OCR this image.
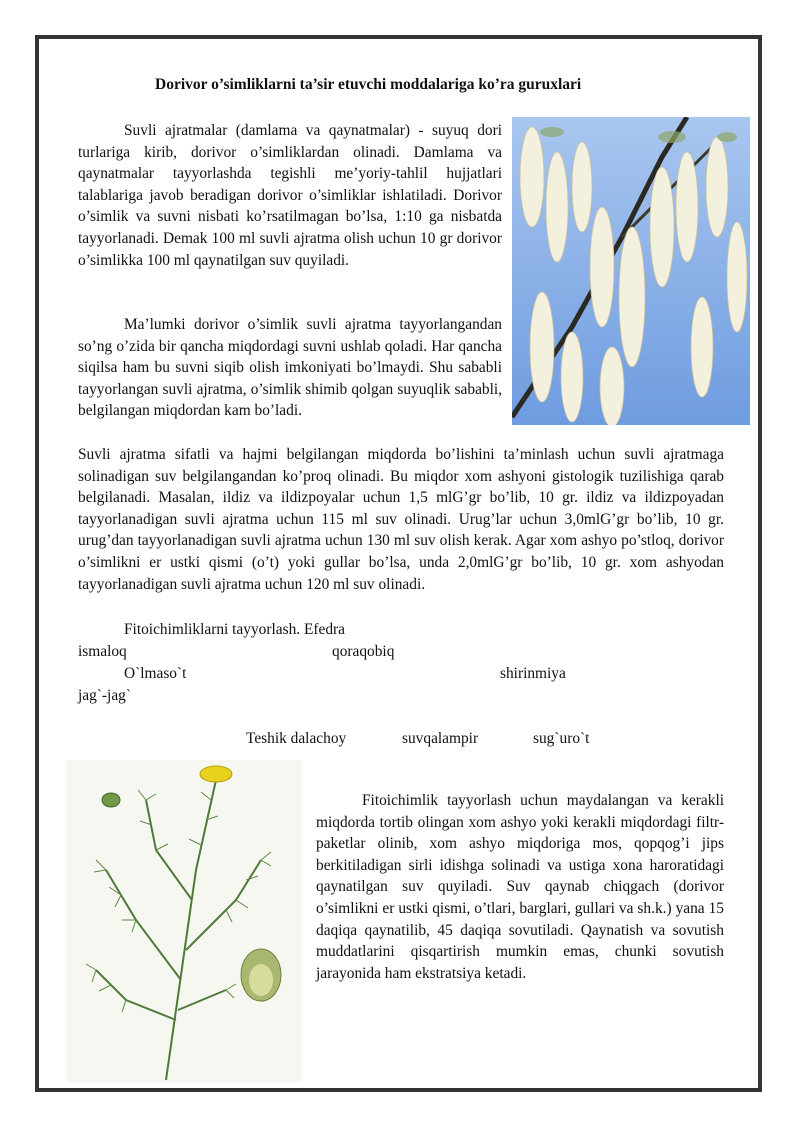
Dorivor o’simliklarni ta’sir etuvchi moddalariga ko’ra guruxlari

Suvli ajratmalar (damlama va qaynatmalar) - suyuq dori turlariga kirib, dorivor o’simliklardan olinadi. Damlama va qaynatmalar tayyorlashda tegishli me’yoriy-tahlil hujjatlari talablariga javob beradigan dorivor o’simliklar ishlatiladi. Dorivor o’simlik va suvni nisbati ko’rsatilmagan bo’lsa, 1:10 ga nisbatda tayyorlanadi. Demak 100 ml suvli ajratma olish uchun 10 gr dorivor o’simlikka 100 ml qaynatilgan suv quyiladi.

Ma’lumki dorivor o’simlik suvli ajratma tayyorlangandan so’ng o’zida bir qancha miqdordagi suvni ushlab qoladi. Har qancha siqilsa ham bu suvni siqib olish imkoniyati bo’lmaydi. Shu sababli tayyorlangan suvli ajratma, o’simlik shimib qolgan suyuqlik sababli, belgilangan miqdordan kam bo’ladi.

Suvli ajratma sifatli va hajmi belgilangan miqdorda bo’lishini ta’minlash uchun suvli ajratmaga solinadigan suv belgilangandan ko’proq olinadi. Bu miqdor xom ashyoni gistologik tuzilishiga qarab belgilanadi. Masalan, ildiz va ildizpoyalar uchun 1,5 mlG’gr bo’lib, 10 gr. ildiz va ildizpoyadan tayyorlanadigan suvli ajratma uchun 115 ml suv olinadi. Urug’lar uchun 3,0mlG’gr bo’lib, 10 gr. urug’dan tayyorlanadigan suvli ajratma uchun 130 ml suv olish kerak. Agar xom ashyo po’stloq, dorivor o’simlikni er ustki qismi (o’t) yoki gullar bo’lsa, unda 2,0mlG’gr bo’lib, 10 gr. xom ashyodan tayyorlanadigan suvli ajratma uchun 120 ml suv olinadi.

Fitoichimliklarni tayyorlash. Efedra
ismaloq	qoraqobiq
O`lmaso`t	shirinmiya
jag`-jag`
Teshik dalachoy	suvqalampir	sug`uro`t

Fitoichimlik tayyorlash uchun maydalangan va kerakli miqdorda tortib olingan xom ashyo yoki kerakli miqdordagi filtr-paketlar olinib, xom ashyo miqdoriga mos, qopqog’i jips berkitiladigan sirli idishga solinadi va ustiga xona haroratidagi qaynatilgan suv quyiladi. Suv qaynab chiqgach (dorivor o’simlikni er ustki qismi, o’tlari, barglari, gullari va sh.k.) yana 15 daqiqa qaynatilib, 45 daqiqa sovutiladi. Qaynatish va sovutish muddatlarini qisqartirish mumkin emas, chunki sovutish jarayonida ham ekstratsiya ketadi.
